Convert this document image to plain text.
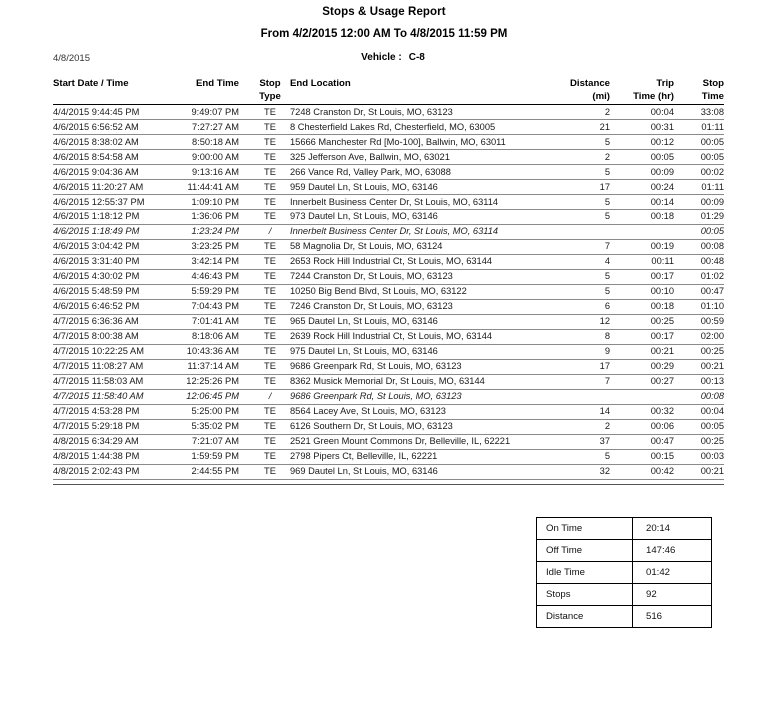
Stops & Usage Report
From 4/2/2015 12:00 AM To 4/8/2015 11:59 PM
4/8/2015	Vehicle : C-8
Start Date / Time	End Time	Stop	End Location	Distance	Trip	Stop
		Type		(mi)	Time (hr)	Time
4/4/2015 9:44:45 PM	9:49:07 PM	TE	7248 Cranston Dr, St Louis, MO, 63123	2	00:04	33:08
4/6/2015 6:56:52 AM	7:27:27 AM	TE	8 Chesterfield Lakes Rd, Chesterfield, MO, 63005	21	00:31	01:11
4/6/2015 8:38:02 AM	8:50:18 AM	TE	15666 Manchester Rd [Mo-100], Ballwin, MO, 63011	5	00:12	00:05
4/6/2015 8:54:58 AM	9:00:00 AM	TE	325 Jefferson Ave, Ballwin, MO, 63021	2	00:05	00:05
4/6/2015 9:04:36 AM	9:13:16 AM	TE	266 Vance Rd, Valley Park, MO, 63088	5	00:09	00:02
4/6/2015 11:20:27 AM	11:44:41 AM	TE	959 Dautel Ln, St Louis, MO, 63146	17	00:24	01:11
4/6/2015 12:55:37 PM	1:09:10 PM	TE	Innerbelt Business Center Dr, St Louis, MO, 63114	5	00:14	00:09
4/6/2015 1:18:12 PM	1:36:06 PM	TE	973 Dautel Ln, St Louis, MO, 63146	5	00:18	01:29
4/6/2015 1:18:49 PM	1:23:24 PM	/	Innerbelt Business Center Dr, St Louis, MO, 63114			00:05
4/6/2015 3:04:42 PM	3:23:25 PM	TE	58 Magnolia Dr, St Louis, MO, 63124	7	00:19	00:08
4/6/2015 3:31:40 PM	3:42:14 PM	TE	2653 Rock Hill Industrial Ct, St Louis, MO, 63144	4	00:11	00:48
4/6/2015 4:30:02 PM	4:46:43 PM	TE	7244 Cranston Dr, St Louis, MO, 63123	5	00:17	01:02
4/6/2015 5:48:59 PM	5:59:29 PM	TE	10250 Big Bend Blvd, St Louis, MO, 63122	5	00:10	00:47
4/6/2015 6:46:52 PM	7:04:43 PM	TE	7246 Cranston Dr, St Louis, MO, 63123	6	00:18	01:10
4/7/2015 6:36:36 AM	7:01:41 AM	TE	965 Dautel Ln, St Louis, MO, 63146	12	00:25	00:59
4/7/2015 8:00:38 AM	8:18:06 AM	TE	2639 Rock Hill Industrial Ct, St Louis, MO, 63144	8	00:17	02:00
4/7/2015 10:22:25 AM	10:43:36 AM	TE	975 Dautel Ln, St Louis, MO, 63146	9	00:21	00:25
4/7/2015 11:08:27 AM	11:37:14 AM	TE	9686 Greenpark Rd, St Louis, MO, 63123	17	00:29	00:21
4/7/2015 11:58:03 AM	12:25:26 PM	TE	8362 Musick Memorial Dr, St Louis, MO, 63144	7	00:27	00:13
4/7/2015 11:58:40 AM	12:06:45 PM	/	9686 Greenpark Rd, St Louis, MO, 63123			00:08
4/7/2015 4:53:28 PM	5:25:00 PM	TE	8564 Lacey Ave, St Louis, MO, 63123	14	00:32	00:04
4/7/2015 5:29:18 PM	5:35:02 PM	TE	6126 Southern Dr, St Louis, MO, 63123	2	00:06	00:05
4/8/2015 6:34:29 AM	7:21:07 AM	TE	2521 Green Mount Commons Dr, Belleville, IL, 62221	37	00:47	00:25
4/8/2015 1:44:38 PM	1:59:59 PM	TE	2798 Pipers Ct, Belleville, IL, 62221	5	00:15	00:03
4/8/2015 2:02:43 PM	2:44:55 PM	TE	969 Dautel Ln, St Louis, MO, 63146	32	00:42	00:21
On Time	20:14
Off Time	147:46
Idle Time	01:42
Stops	92
Distance	516
